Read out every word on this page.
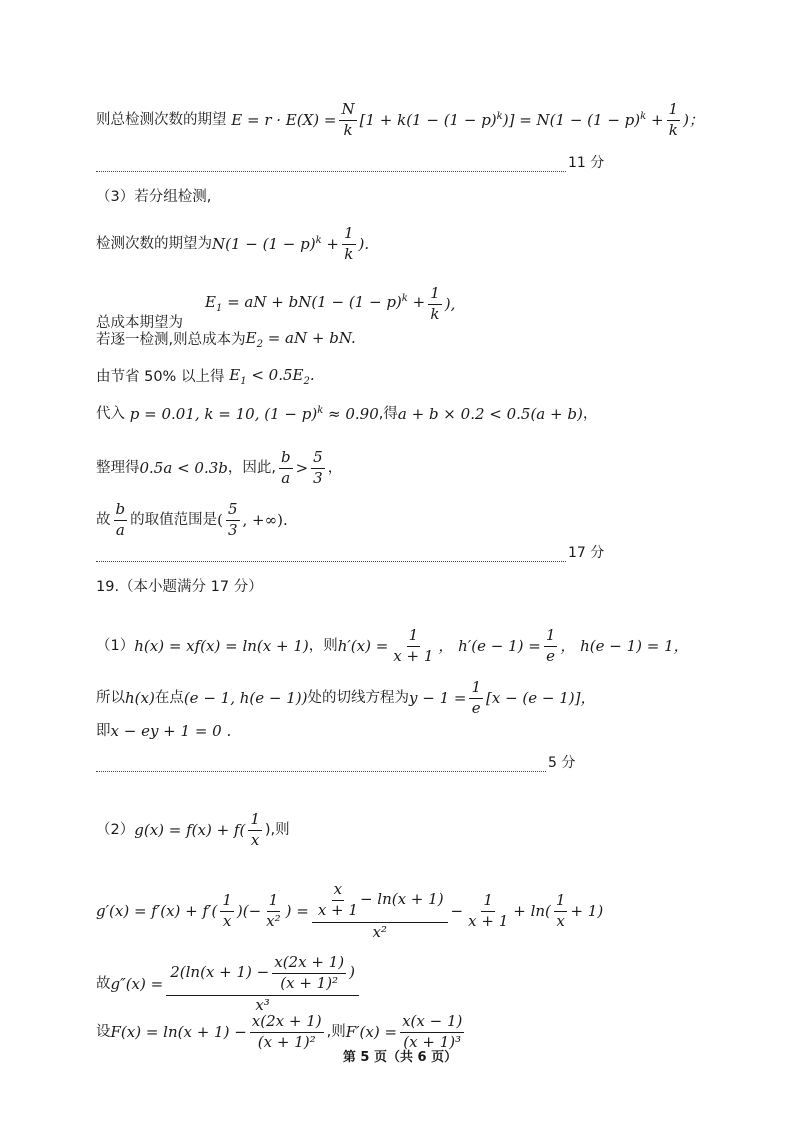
则总检测次数的期望 $E = r \cdot E(X) = \frac{N}{k} [1 + k(1 - (1 - p)^k)] = N(1 - (1 - p)^k + \frac{1}{k}$ )；
11 分
（3）若分组检测,
检测次数的期望为 $N(1 - (1 - p)^k + \frac{1}{k}$ ).
总成本期望为
$E_1$ = aN + $bN(1 - (1 - p)^k + \frac{1}{k}$ ),
若逐一检测,则总成本为 $E_2$ = aN + bN.
由节省 50% 以上得 $E_1 < 0.5E_2$.
代入 p = 0.01, k = 10, $(1 - p)^k \approx 0.90$ ,得 a + b × 0.2 < 0.5(a + b) ，
整理得 0.5a < 0.3b ，因此, $\frac{b}{a} > \frac{5}{3}$ ，
故 $\frac{b}{a}$ 的取值范围是 ( $\frac{5}{3}$ , +∞).
17 分
19.（本小题满分 17 分）
（1） h(x) = xf(x) = ln(x + 1) ，则 $h'(x) = \frac{1}{x + 1}$ ， $h'(e - 1) = \frac{1}{e}$ ， h(e − 1) = 1，
所以 h(x) 在点 (e − 1, h(e − 1)) 处的切线方程为 $y - 1 = \frac{1}{e} [x - (e - 1)]$，
即 x − ey + 1 = 0 .
5 分
（2） $g(x) = f(x) + f( \frac{1}{x}$ ),则
$g'(x) = f'(x) + f'( \frac{1}{x}$ )(− $\frac{1}{\text{x²}}$ ) = $\frac{\frac{x}{x + 1} - \ln(x + 1)}{\text{x²}} - \frac{1}{x + 1} + \ln( \frac{1}{x} + 1)$
故 $g''(x) = \frac{2(\ln(x + 1) - \frac{x(2x + 1)}{\text{(x + 1)²}} )}{\text{x³}}$
设 $F(x) = \ln(x + 1) - \frac{x(2x + 1)}{\text{(x + 1)²}}$ ,则 $F'(x) = \frac{x(x - 1)}{\text{(x + 1)³}}$
第 5 页（共 6 页）
